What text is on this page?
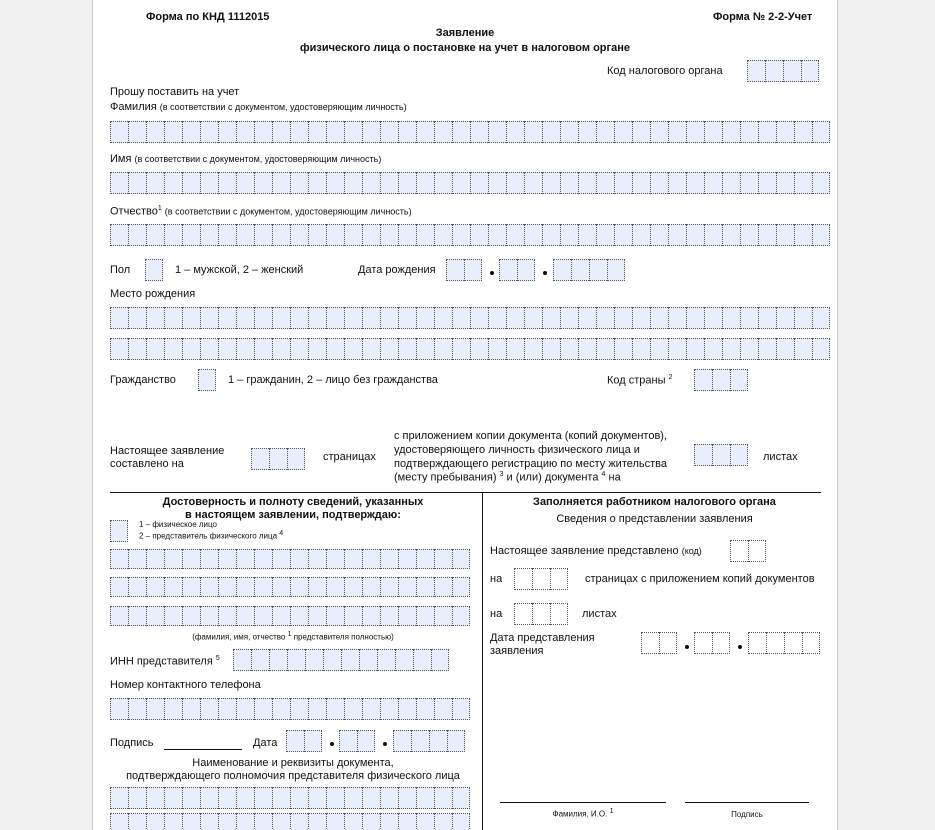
Форма по КНД 1112015	Форма № 2-2-Учет
Заявление
физического лица о постановке на учет в налоговом органе
Код налогового органа
Прошу поставить на учет
Фамилия (в соответствии с документом, удостоверяющим личность)
Имя (в соответствии с документом, удостоверяющим личность)
Отчество$^1$ (в соответствии с документом, удостоверяющим личность)
Пол	1 – мужской, 2 – женский	Дата рождения
Место рождения
Гражданство	1 – гражданин, 2 – лицо без гражданства	Код страны $^2$
Настоящее заявление
составлено на
страницах
с приложением копии документа (копий документов),
удостоверяющего личность физического лица и
подтверждающего регистрацию по месту жительства
(месту пребывания) $^3$ и (или) документа $^4$ на
листах
Достоверность и полноту сведений, указанных
в настоящем заявлении, подтверждаю:
1 – физическое лицо
2 – представитель физического лица $^4$
(фамилия, имя, отчество $^1$ представителя полностью)
ИНН представителя $^5$
Номер контактного телефона
Подпись	Дата
Наименование и реквизиты документа,
подтверждающего полномочия представителя физического лица
Заполняется работником налогового органа
Сведения о представлении заявления
Настоящее заявление представлено (код)
на	страницах с приложением копий документов
на	листах
Дата представления
заявления
Фамилия, И.О. $^1$	Подпись
